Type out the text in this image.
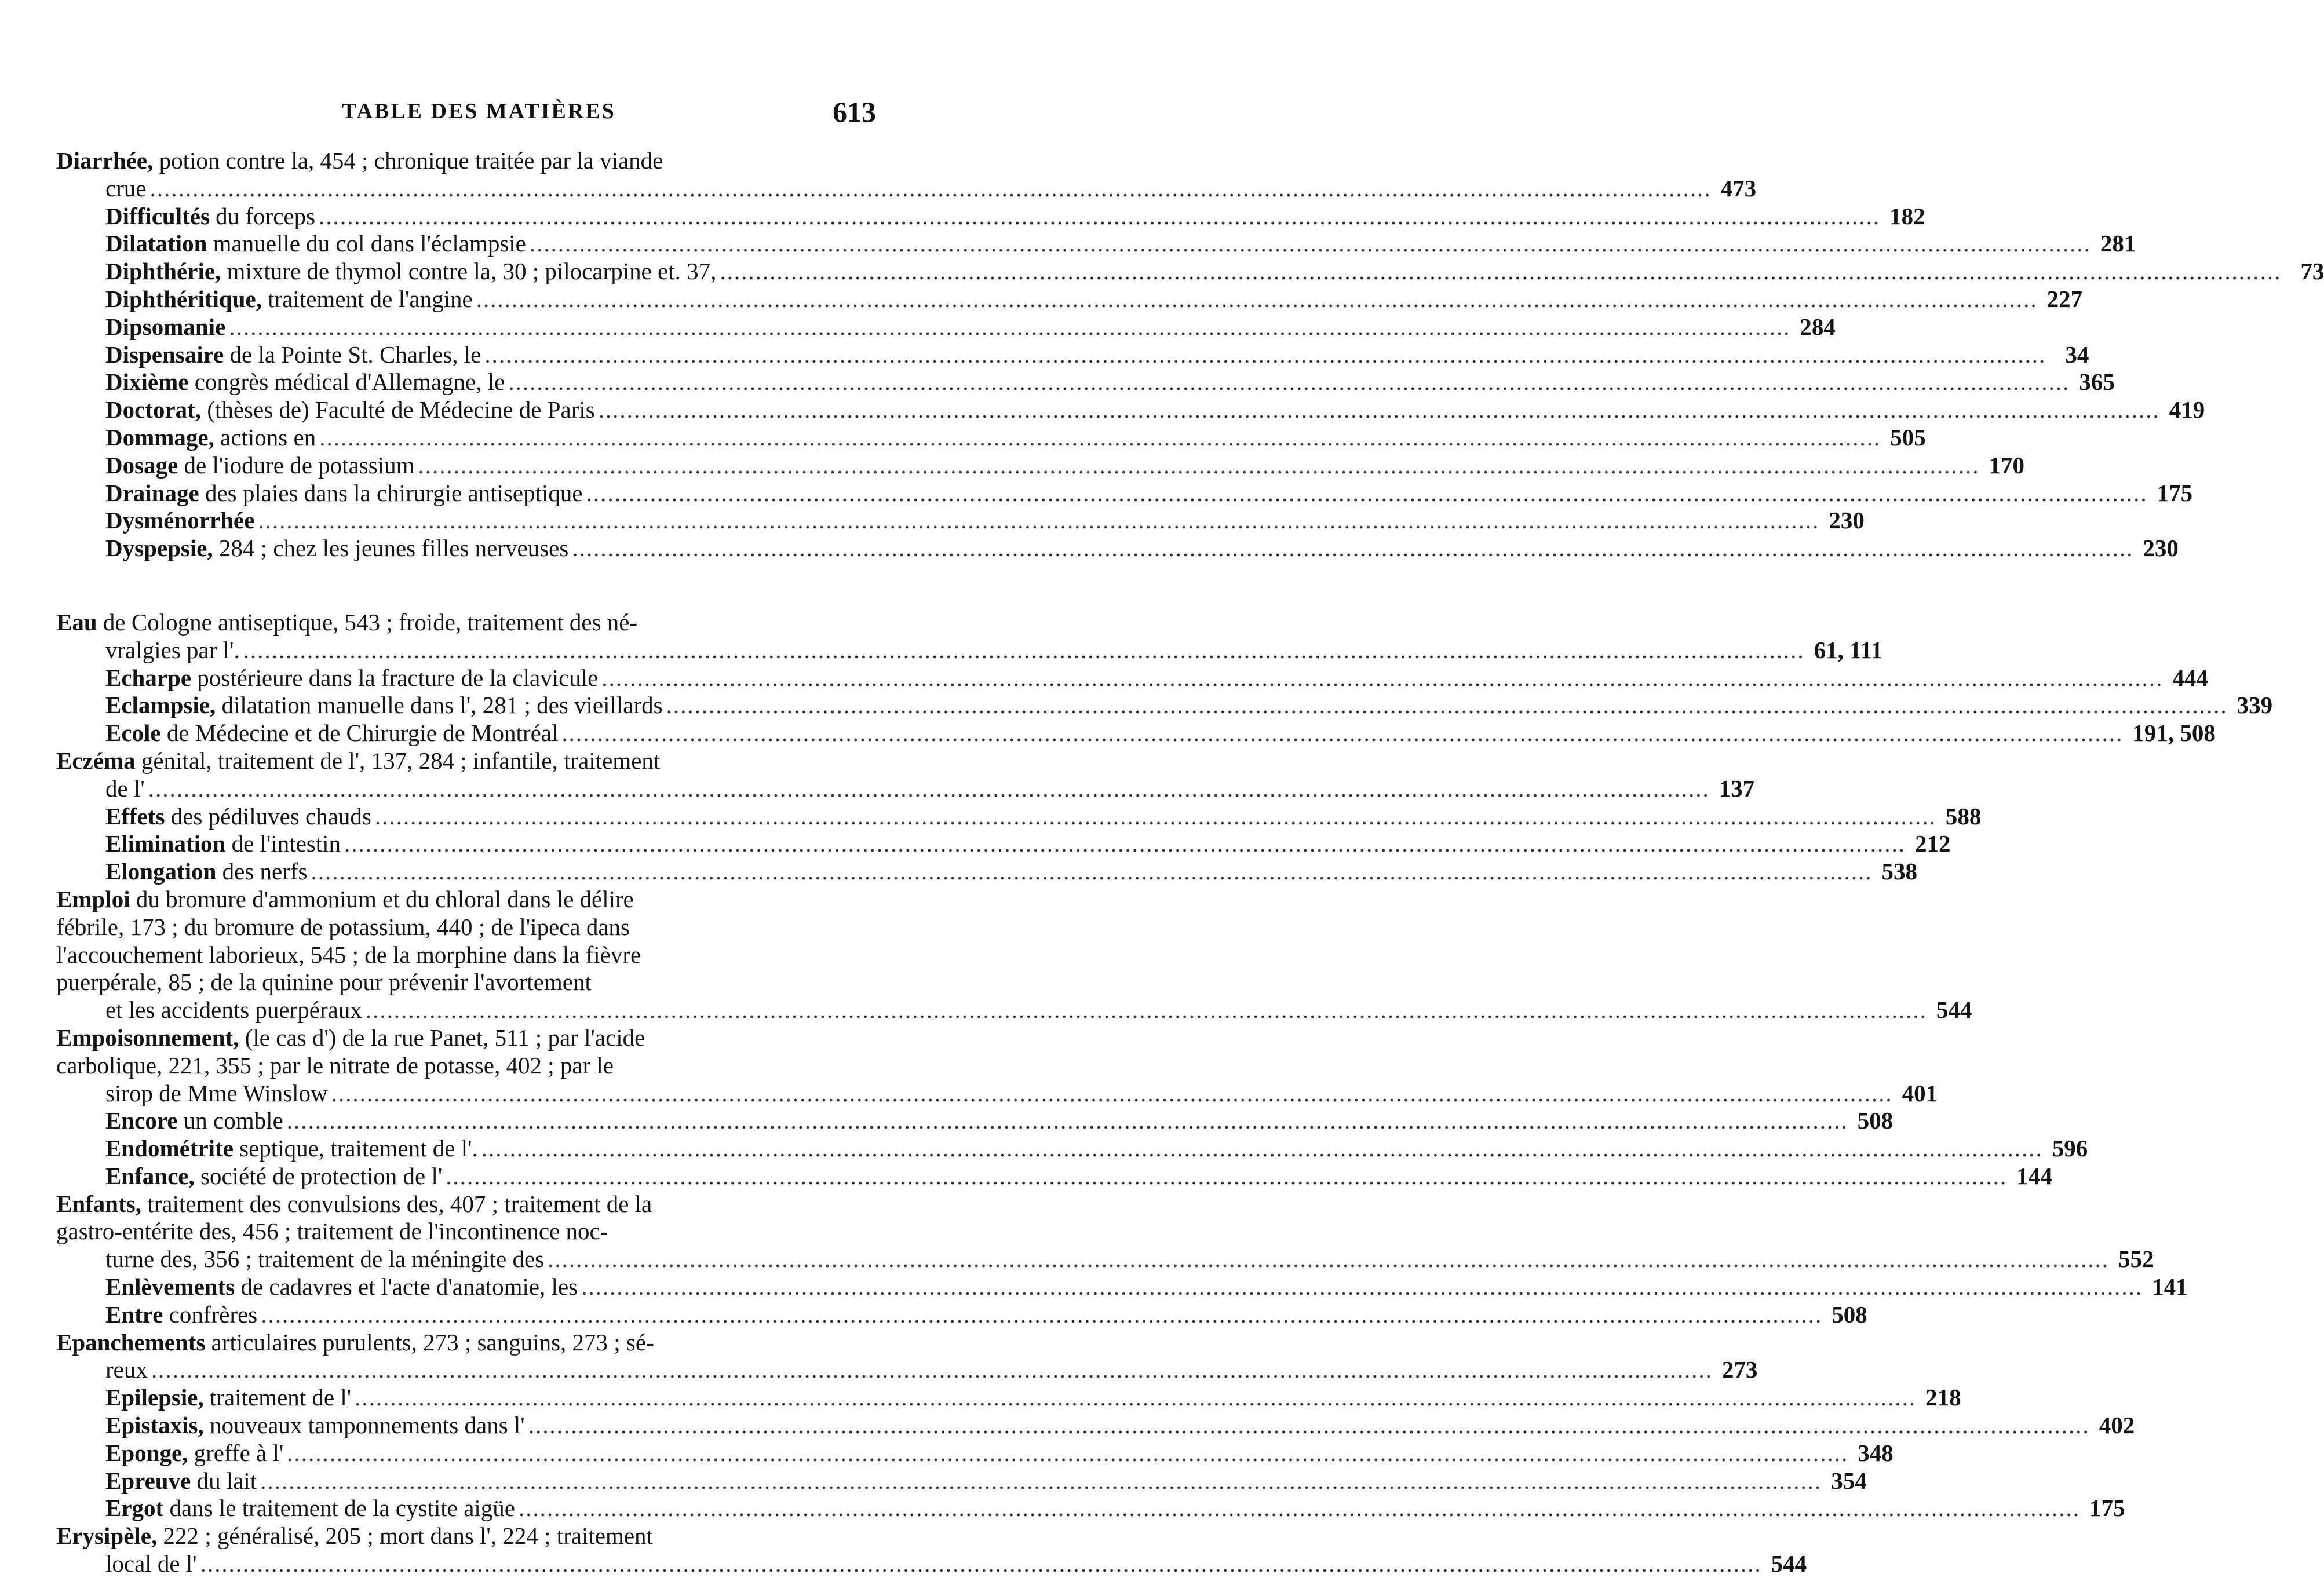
TABLE DES MATIÈRES	613
Diarrhée, potion contre la, 454 ; chronique traitée par la viande
crue ............................................................................................................................................................................................................................ 473
Difficultés du forceps ............................................................................................................................................................................................................................ 182
Dilatation manuelle du col dans l'éclampsie ............................................................................................................................................................................................................................ 281
Diphthérie, mixture de thymol contre la, 30 ; pilocarpine et. 37, ............................................................................................................................................................................................................................ 73
Diphthéritique, traitement de l'angine ............................................................................................................................................................................................................................ 227
Dipsomanie ............................................................................................................................................................................................................................ 284
Dispensaire de la Pointe St. Charles, le ............................................................................................................................................................................................................................ 34
Dixième congrès médical d'Allemagne, le ............................................................................................................................................................................................................................ 365
Doctorat, (thèses de) Faculté de Médecine de Paris ............................................................................................................................................................................................................................ 419
Dommage, actions en ............................................................................................................................................................................................................................ 505
Dosage de l'iodure de potassium ............................................................................................................................................................................................................................ 170
Drainage des plaies dans la chirurgie antiseptique ............................................................................................................................................................................................................................ 175
Dysménorrhée ............................................................................................................................................................................................................................ 230
Dyspepsie, 284 ; chez les jeunes filles nerveuses ............................................................................................................................................................................................................................ 230
Eau de Cologne antiseptique, 543 ; froide, traitement des né-
vralgies par l'. ............................................................................................................................................................................................................................ 61, 111
Echarpe postérieure dans la fracture de la clavicule ............................................................................................................................................................................................................................ 444
Eclampsie, dilatation manuelle dans l', 281 ; des vieillards ............................................................................................................................................................................................................................ 339
Ecole de Médecine et de Chirurgie de Montréal ............................................................................................................................................................................................................................ 191, 508
Eczéma génital, traitement de l', 137, 284 ; infantile, traitement
de l' ............................................................................................................................................................................................................................ 137
Effets des pédiluves chauds ............................................................................................................................................................................................................................ 588
Elimination de l'intestin ............................................................................................................................................................................................................................ 212
Elongation des nerfs ............................................................................................................................................................................................................................ 538
Emploi du bromure d'ammonium et du chloral dans le délire
fébrile, 173 ; du bromure de potassium, 440 ; de l'ipeca dans
l'accouchement laborieux, 545 ; de la morphine dans la fièvre
puerpérale, 85 ; de la quinine pour prévenir l'avortement
et les accidents puerpéraux ............................................................................................................................................................................................................................ 544
Empoisonnement, (le cas d') de la rue Panet, 511 ; par l'acide
carbolique, 221, 355 ; par le nitrate de potasse, 402 ; par le
sirop de Mme Winslow ............................................................................................................................................................................................................................ 401
Encore un comble ............................................................................................................................................................................................................................ 508
Endométrite septique, traitement de l'. ............................................................................................................................................................................................................................ 596
Enfance, société de protection de l' ............................................................................................................................................................................................................................ 144
Enfants, traitement des convulsions des, 407 ; traitement de la
gastro-entérite des, 456 ; traitement de l'incontinence noc-
turne des, 356 ; traitement de la méningite des ............................................................................................................................................................................................................................ 552
Enlèvements de cadavres et l'acte d'anatomie, les ............................................................................................................................................................................................................................ 141
Entre confrères ............................................................................................................................................................................................................................ 508
Epanchements articulaires purulents, 273 ; sanguins, 273 ; sé-
reux ............................................................................................................................................................................................................................ 273
Epilepsie, traitement de l' ............................................................................................................................................................................................................................ 218
Epistaxis, nouveaux tamponnements dans l' ............................................................................................................................................................................................................................ 402
Eponge, greffe à l' ............................................................................................................................................................................................................................ 348
Epreuve du lait ............................................................................................................................................................................................................................ 354
Ergot dans le traitement de la cystite aigüe ............................................................................................................................................................................................................................ 175
Erysipèle, 222 ; généralisé, 205 ; mort dans l', 224 ; traitement
local de l' ............................................................................................................................................................................................................................ 544
